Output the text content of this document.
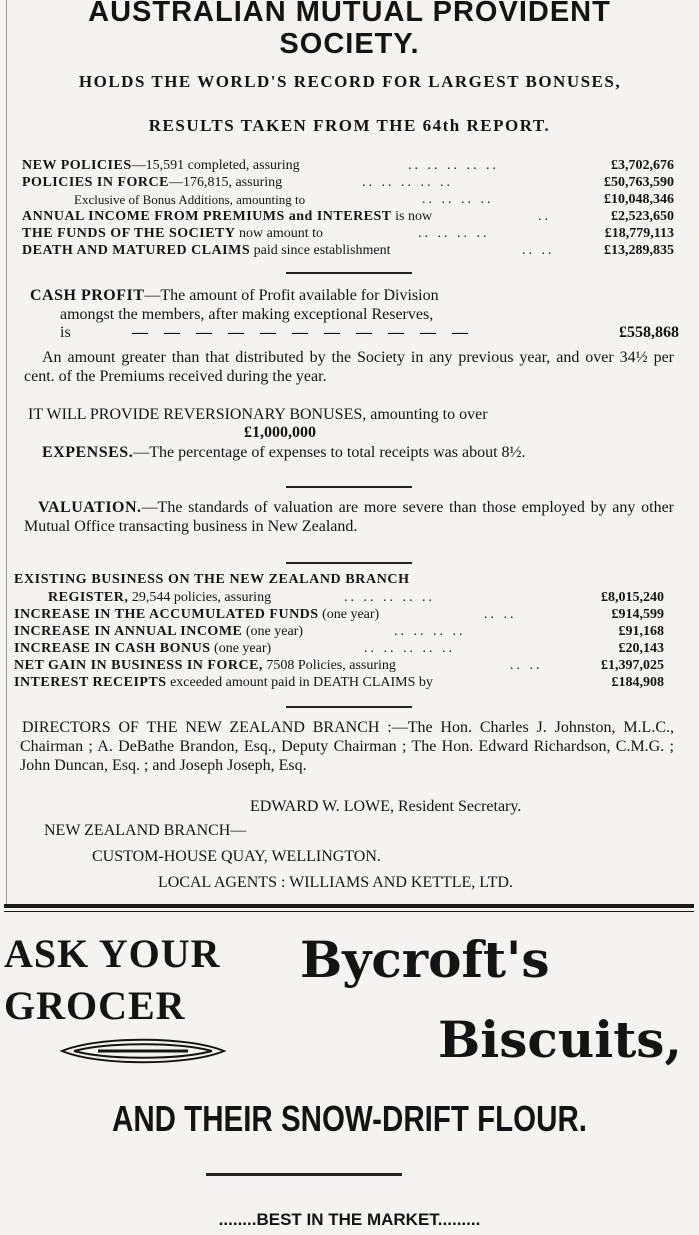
AUSTRALIAN MUTUAL PROVIDENT
SOCIETY.
HOLDS THE WORLD'S RECORD FOR LARGEST BONUSES,
RESULTS TAKEN FROM THE 64th REPORT.
NEW POLICIES—15,591 completed, assuring	.. .. .. .. ..	£3,702,676
POLICIES IN FORCE—176,815, assuring	.. .. .. .. ..	£50,763,590
Exclusive of Bonus Additions, amounting to	.. .. .. ..	£10,048,346
ANNUAL INCOME FROM PREMIUMS and INTEREST is now	..	£2,523,650
THE FUNDS OF THE SOCIETY now amount to	.. .. .. ..	£18,779,113
DEATH AND MATURED CLAIMS paid since establishment	.. ..	£13,289,835
CASH PROFIT—The amount of Profit available for Division
amongst the members, after making exceptional Reserves,
is	— — — — — — — — — — —	£558,868
An amount greater than that distributed by the Society in any previous year, and over 34½ per cent. of the Premiums received during the year.
IT WILL PROVIDE REVERSIONARY BONUSES, amounting to over
£1,000,000
EXPENSES.—The percentage of expenses to total receipts was about 8½.
VALUATION.—The standards of valuation are more severe than those employed by any other Mutual Office transacting business in New Zealand.
EXISTING BUSINESS ON THE NEW ZEALAND BRANCH
REGISTER, 29,544 policies, assuring	.. .. .. .. ..	£8,015,240
INCREASE IN THE ACCUMULATED FUNDS (one year)	.. ..	£914,599
INCREASE IN ANNUAL INCOME (one year)	.. .. .. ..	£91,168
INCREASE IN CASH BONUS (one year)	.. .. .. .. ..	£20,143
NET GAIN IN BUSINESS IN FORCE, 7508 Policies, assuring	.. ..	£1,397,025
INTEREST RECEIPTS exceeded amount paid in DEATH CLAIMS by	£184,908
DIRECTORS OF THE NEW ZEALAND BRANCH :—The Hon. Charles J. Johnston, M.L.C., Chairman ; A. DeBathe Brandon, Esq., Deputy Chairman ; The Hon. Edward Richardson, C.M.G. ; John Duncan, Esq. ; and Joseph Joseph, Esq.
EDWARD W. LOWE, Resident Secretary.
NEW ZEALAND BRANCH—
CUSTOM-HOUSE QUAY, WELLINGTON.
LOCAL AGENTS : WILLIAMS AND KETTLE, LTD.
ASK YOUR
GROCER
Bycroft's
Biscuits,
AND THEIR SNOW-DRIFT FLOUR.
........BEST IN THE MARKET.........
